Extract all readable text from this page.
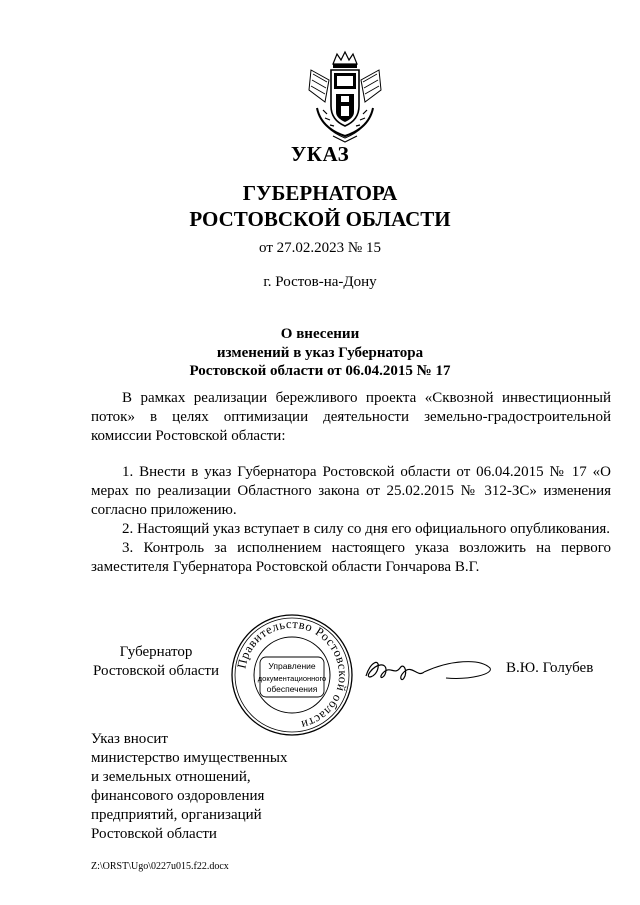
УКАЗ
ГУБЕРНАТОРА
РОСТОВСКОЙ ОБЛАСТИ
от 27.02.2023 № 15
г. Ростов-на-Дону
О внесении
изменений в указ Губернатора
Ростовской области от 06.04.2015 № 17

В рамках реализации бережливого проекта «Сквозной инвестиционный поток» в целях оптимизации деятельности земельно-градостроительной комиссии Ростовской области:

1. Внести в указ Губернатора Ростовской области от 06.04.2015 № 17 «О мерах по реализации Областного закона от 25.02.2015 № 312-ЗС» изменения согласно приложению.

2. Настоящий указ вступает в силу со дня его официального опубликования.

3. Контроль за исполнением настоящего указа возложить на первого заместителя Губернатора Ростовской области Гончарова В.Г.

Губернатор
Ростовской области Правительство Ростовской области
Управление
документационного
обеспечения
В.Ю. Голубев
Указ вносит
министерство имущественных
и земельных отношений,
финансового оздоровления
предприятий, организаций
Ростовской области
Z:\ORST\Ugo\0227u015.f22.docx
